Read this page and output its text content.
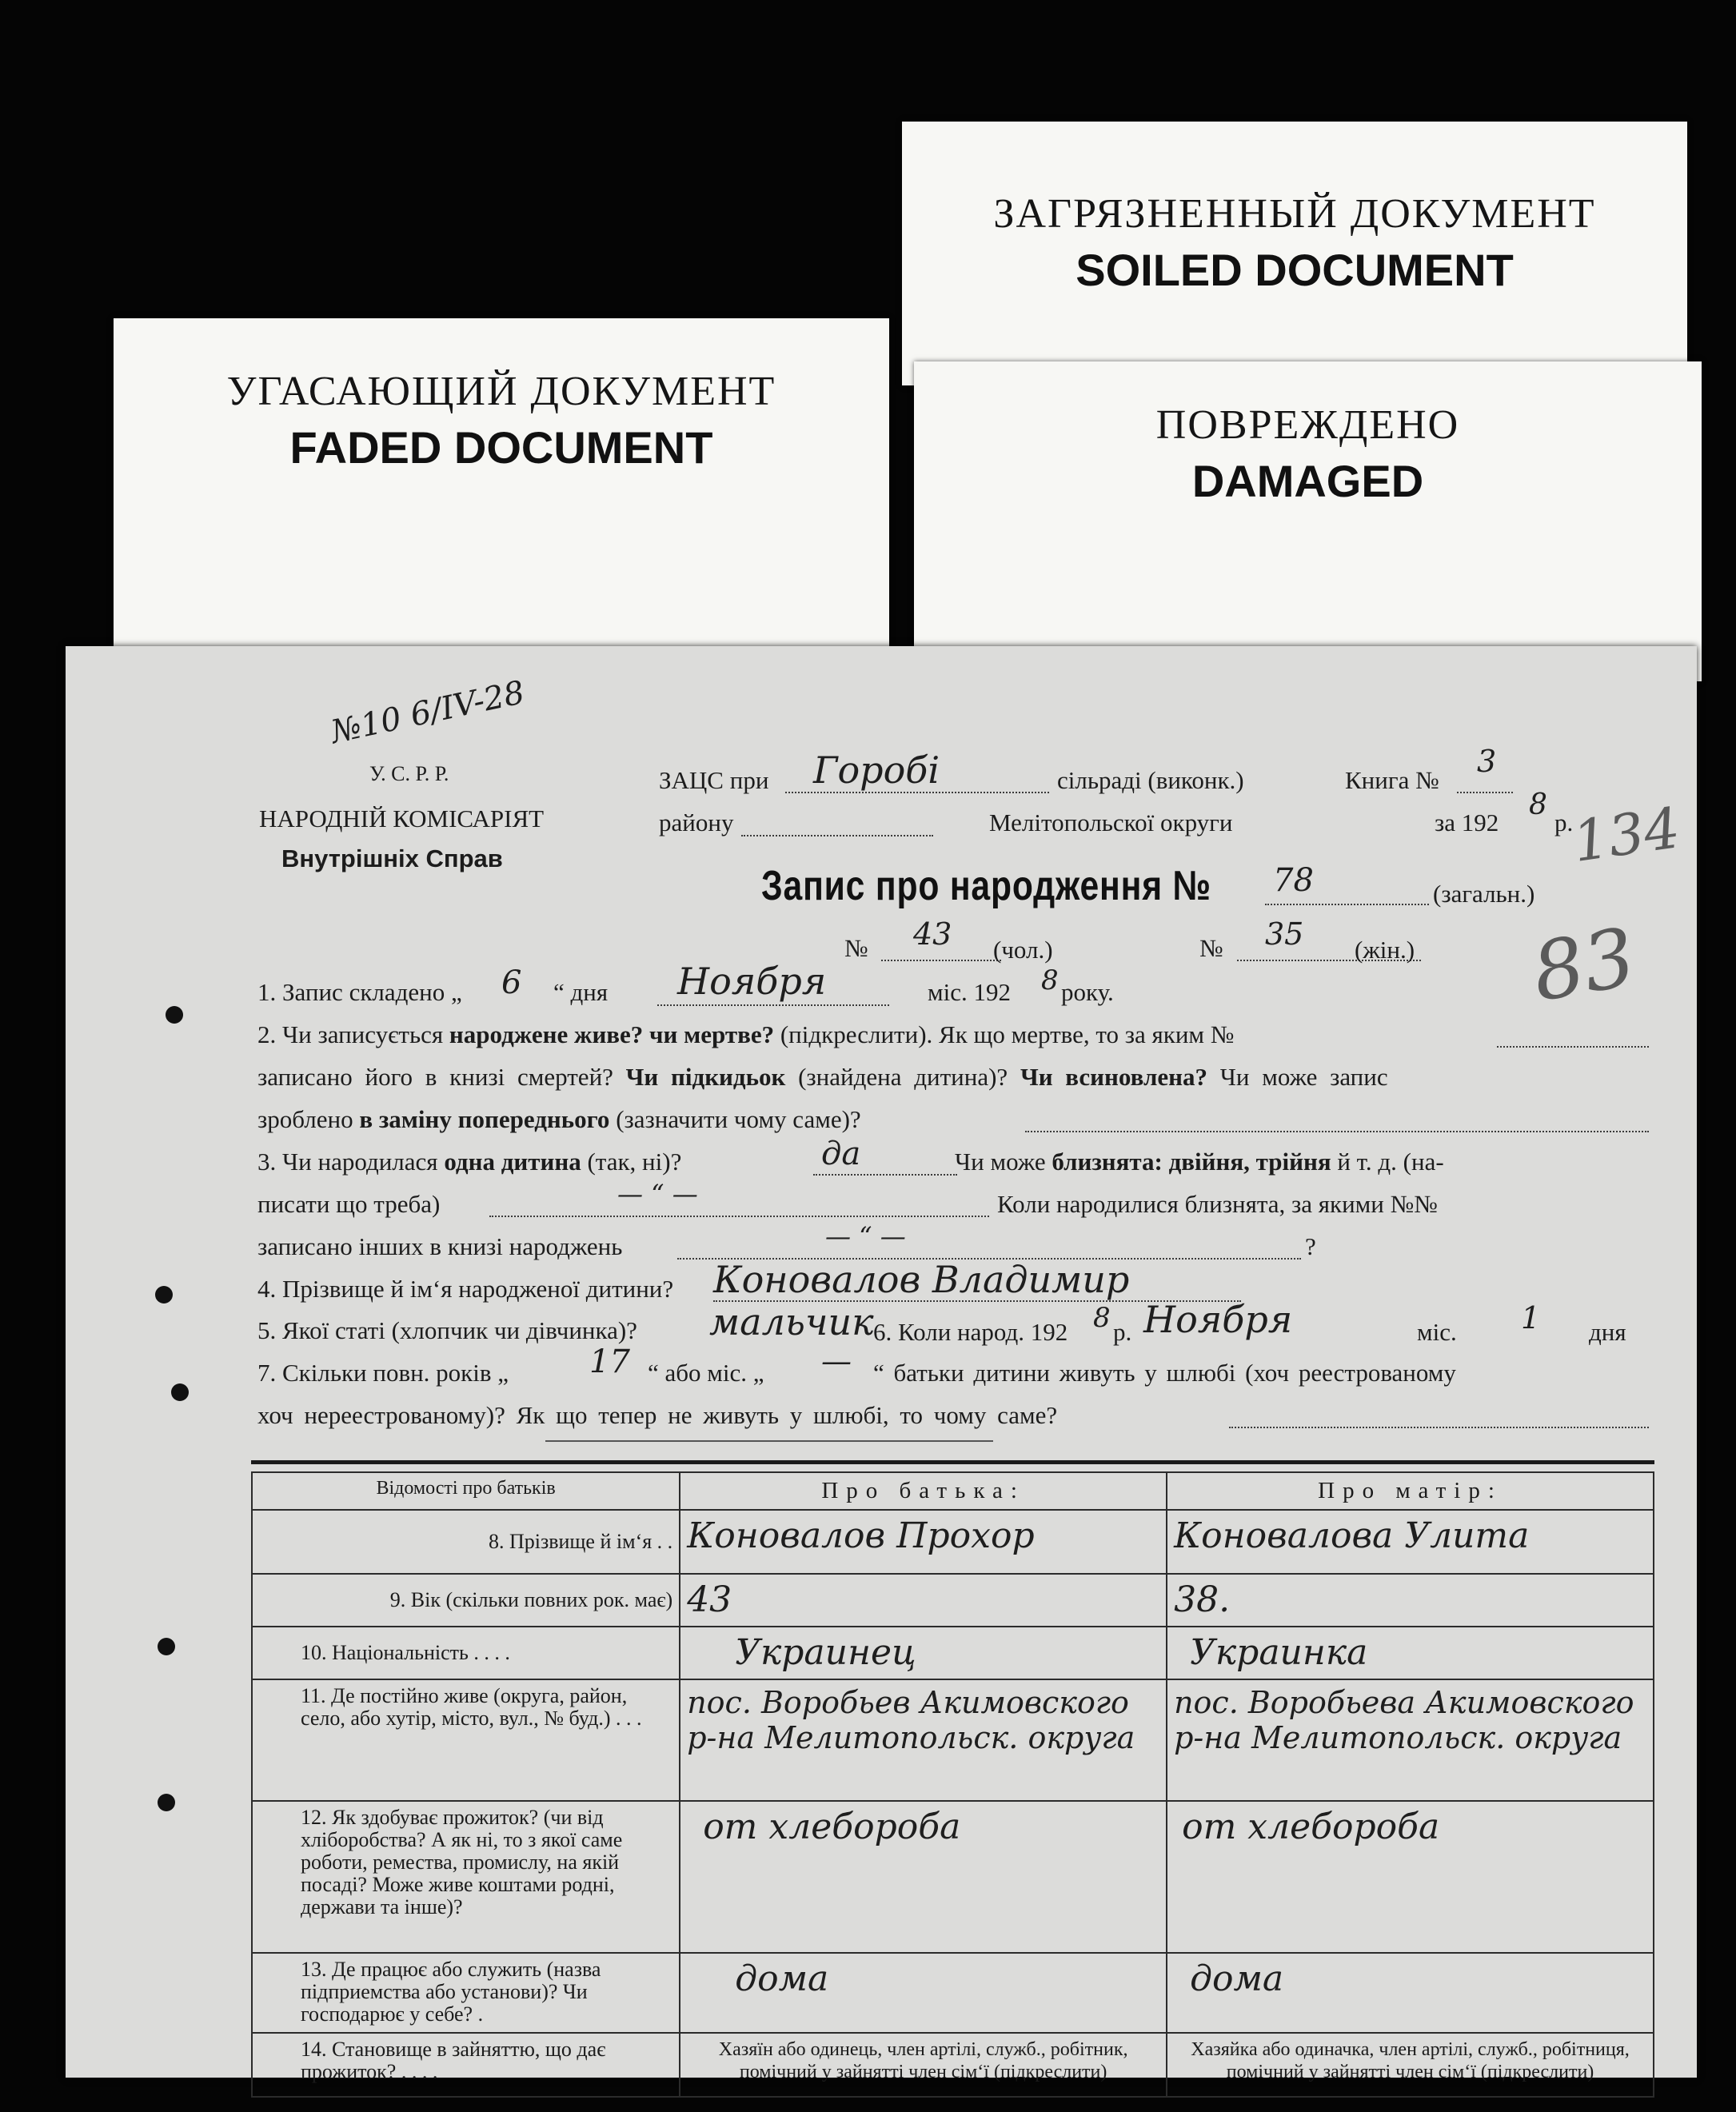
УГАСАЮЩИЙ ДОКУМЕНТ
FADED DOCUMENT
ЗАГРЯЗНЕННЫЙ ДОКУМЕНТ
SOILED DOCUMENT
ПОВРЕЖДЕНО
DAMAGED
№10 6/IV-28
У. С. Р. Р.
НАРОДНІЙ КОМІСАРІЯТ
Внутрішніх Справ
ЗАЦС при Горобі	сільраді (виконк.)	Книга №
3
району	Мелітопольскої округи	за 192
8
р.
134
83
Запис про народження № 78	(загальн.)
№ 43 (чол.)	№ 35 (жін.)
1. Запис складено „ 6 “ дня Ноября	міс. 192 8 року.
2. Чи записується народжене живе? чи мертве? (підкреслити). Як що мертве, то за яким №
записано його в книзі смертей? Чи підкидьок (знайдена дитина)? Чи всиновлена? Чи може запис
зроблено в заміну попереднього (зазначити чому саме)?
3. Чи народилася одна дитина (так, ні)?	да	Чи може близнята: двійня, трійня й т. д. (на-
писати що треба)	— “ —	Коли народилися близнята, за якими №№
записано інших в книзі народжень	— “ —	?
4. Прізвище й ім‘я народженої дитини? Коновалов Владимир
5. Якої статі (хлопчик чи дівчинка)? мальчик 6. Коли народ. 192 8 р. Ноября	міс. 1 дня
7. Скільки повн. років „	17 “ або міс. „ — “ батьки дитини живуть у шлюбі (хоч реестрованому
хоч нереестрованому)? Як що тепер не живуть у шлюбі, то чому саме?
Відомості про батьків	Про батька:	Про матір:
8. Прізвище й ім‘я . .	Коновалов Прохор	Коновалова Улита

9. Вік (скільки повних рок. має)	43	38.

10. Національність . . . .	Украинец	Украинка

11. Де постійно живе (округа, район, село, або хутір, місто, вул., № буд.) . . .	пос. Воробьев Акимовского р-на Мелитопольск. округа	пос. Воробьева Акимовского р-на Мелитопольск. округа

12. Як здобуває прожиток? (чи від хліборобства? А як ні, то з якої саме роботи, ремества, промислу, на якій посаді? Може живе коштами родні, держави та інше)?	от хлебороба	от хлебороба

13. Де працює або служить (назва підприемства або установи)? Чи господарює у себе? .	дома	дома

14. Становище в зайняттю, що дає прожиток? . . . .	Хазяїн або одинець, член артілі, служб., робітник, помічний у зайнятті член сім‘ї (підкреслити)	Хазяйка або одиначка, член артілі, служб., робітниця, помічний у зайнятті член сім‘ї (підкреслити)
